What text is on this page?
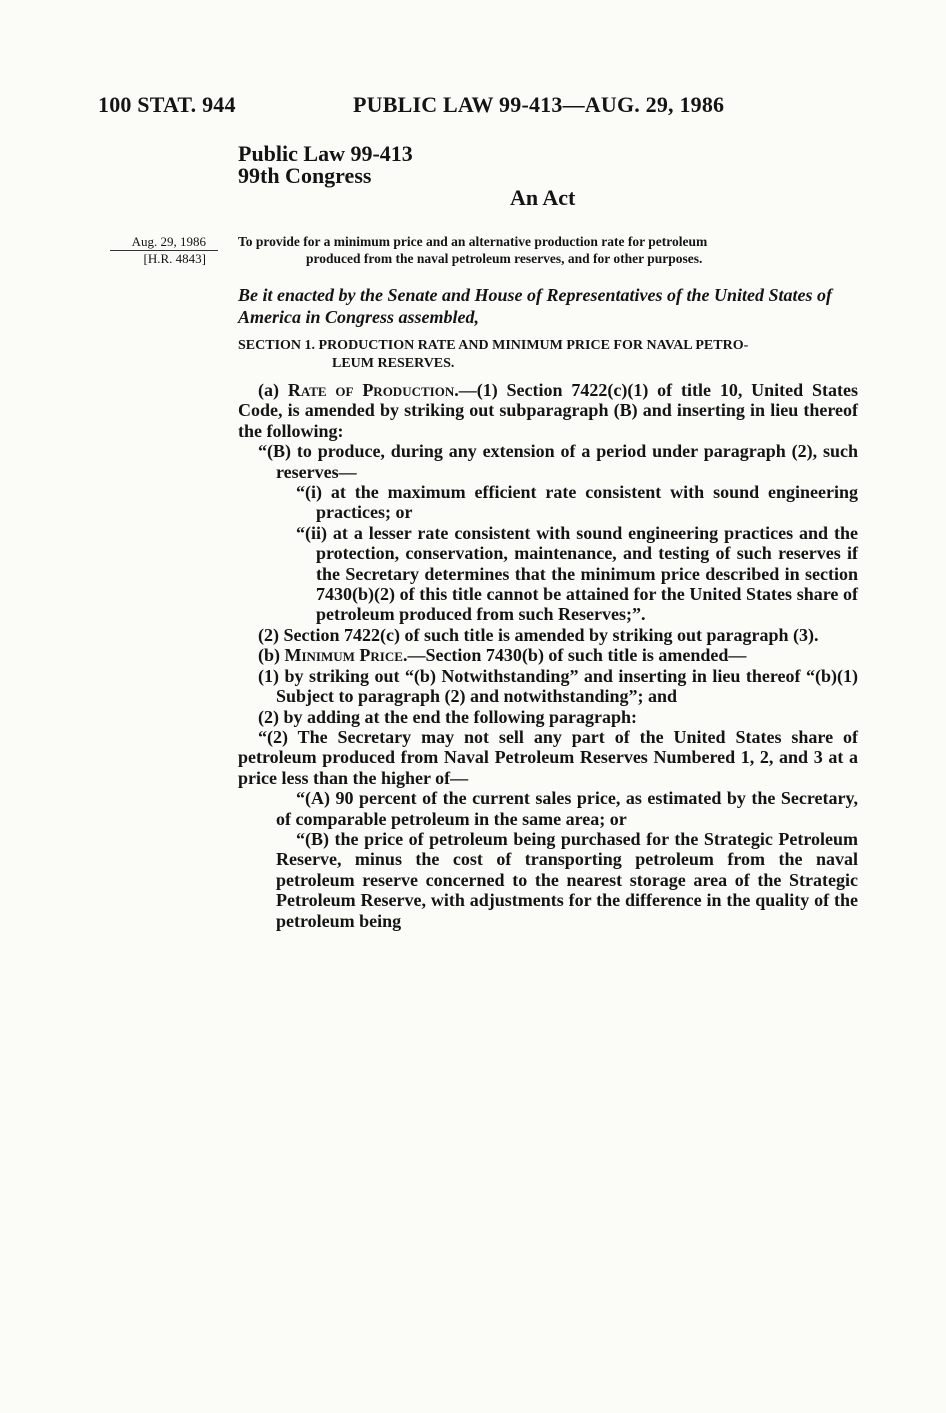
100 STAT. 944	PUBLIC LAW 99-413—AUG. 29, 1986
Public Law 99-413
99th Congress
An Act
Aug. 29, 1986
[H.R. 4843]
To provide for a minimum price and an alternative production rate for petroleum
produced from the naval petroleum reserves, and for other purposes.
Be it enacted by the Senate and House of Representatives of the United States of America in Congress assembled,
SECTION 1. PRODUCTION RATE AND MINIMUM PRICE FOR NAVAL PETRO-
LEUM RESERVES.

(a) Rate of Production.—(1) Section 7422(c)(1) of title 10, United States Code, is amended by striking out subparagraph (B) and inserting in lieu thereof the following:

“(B) to produce, during any extension of a period under paragraph (2), such reserves—

“(i) at the maximum efficient rate consistent with sound engineering practices; or

“(ii) at a lesser rate consistent with sound engineering practices and the protection, conservation, maintenance, and testing of such reserves if the Secretary determines that the minimum price described in section 7430(b)(2) of this title cannot be attained for the United States share of petroleum produced from such Reserves;”.

(2) Section 7422(c) of such title is amended by striking out paragraph (3).

(b) Minimum Price.—Section 7430(b) of such title is amended—

(1) by striking out “(b) Notwithstanding” and inserting in lieu thereof “(b)(1) Subject to paragraph (2) and notwithstanding”; and

(2) by adding at the end the following paragraph:

“(2) The Secretary may not sell any part of the United States share of petroleum produced from Naval Petroleum Reserves Numbered 1, 2, and 3 at a price less than the higher of—

“(A) 90 percent of the current sales price, as estimated by the Secretary, of comparable petroleum in the same area; or

“(B) the price of petroleum being purchased for the Strategic Petroleum Reserve, minus the cost of transporting petroleum from the naval petroleum reserve concerned to the nearest storage area of the Strategic Petroleum Reserve, with adjustments for the difference in the quality of the petroleum being
